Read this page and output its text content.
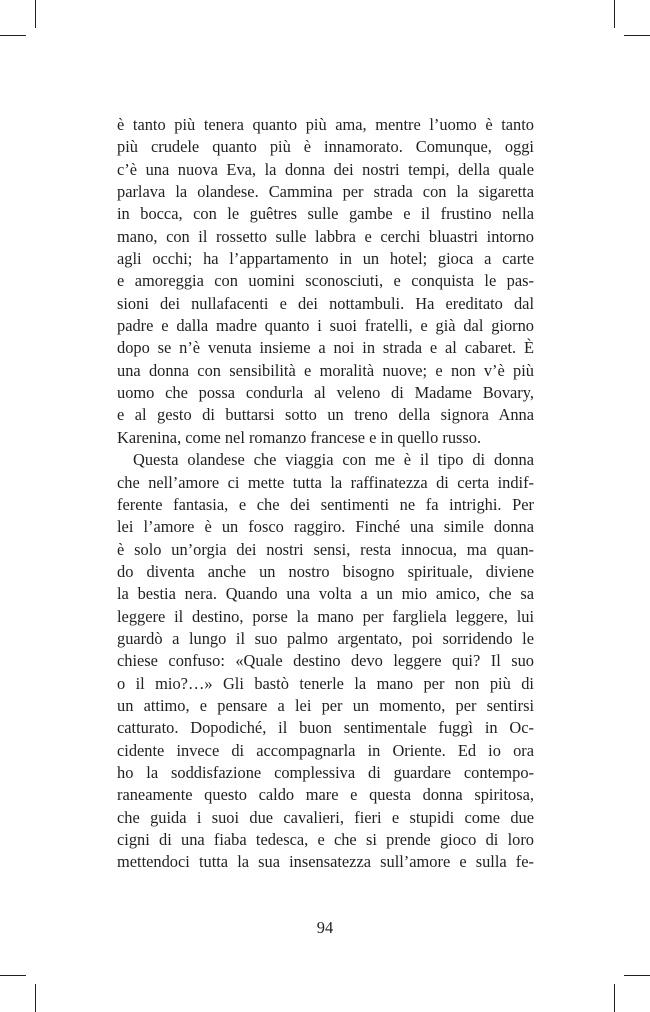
è tanto più tenera quanto più ama, mentre l’uomo è tanto
più crudele quanto più è innamorato. Comunque, oggi
c’è una nuova Eva, la donna dei nostri tempi, della quale
parlava la olandese. Cammina per strada con la sigaretta
in bocca, con le guêtres sulle gambe e il frustino nella
mano, con il rossetto sulle labbra e cerchi bluastri intorno
agli occhi; ha l’appartamento in un hotel; gioca a carte
e amoreggia con uomini sconosciuti, e conquista le pas-
sioni dei nullafacenti e dei nottambuli. Ha ereditato dal
padre e dalla madre quanto i suoi fratelli, e già dal giorno
dopo se n’è venuta insieme a noi in strada e al cabaret. È
una donna con sensibilità e moralità nuove; e non v’è più
uomo che possa condurla al veleno di Madame Bovary,
e al gesto di buttarsi sotto un treno della signora Anna
Karenina, come nel romanzo francese e in quello russo.
Questa olandese che viaggia con me è il tipo di donna
che nell’amore ci mette tutta la raffinatezza di certa indif-
ferente fantasia, e che dei sentimenti ne fa intrighi. Per
lei l’amore è un fosco raggiro. Finché una simile donna
è solo un’orgia dei nostri sensi, resta innocua, ma quan-
do diventa anche un nostro bisogno spirituale, diviene
la bestia nera. Quando una volta a un mio amico, che sa
leggere il destino, porse la mano per fargliela leggere, lui
guardò a lungo il suo palmo argentato, poi sorridendo le
chiese confuso: «Quale destino devo leggere qui? Il suo
o il mio?…» Gli bastò tenerle la mano per non più di
un attimo, e pensare a lei per un momento, per sentirsi
catturato. Dopodiché, il buon sentimentale fuggì in Oc-
cidente invece di accompagnarla in Oriente. Ed io ora
ho la soddisfazione complessiva di guardare contempo-
raneamente questo caldo mare e questa donna spiritosa,
che guida i suoi due cavalieri, fieri e stupidi come due
cigni di una fiaba tedesca, e che si prende gioco di loro
mettendoci tutta la sua insensatezza sull’amore e sulla fe-
94
